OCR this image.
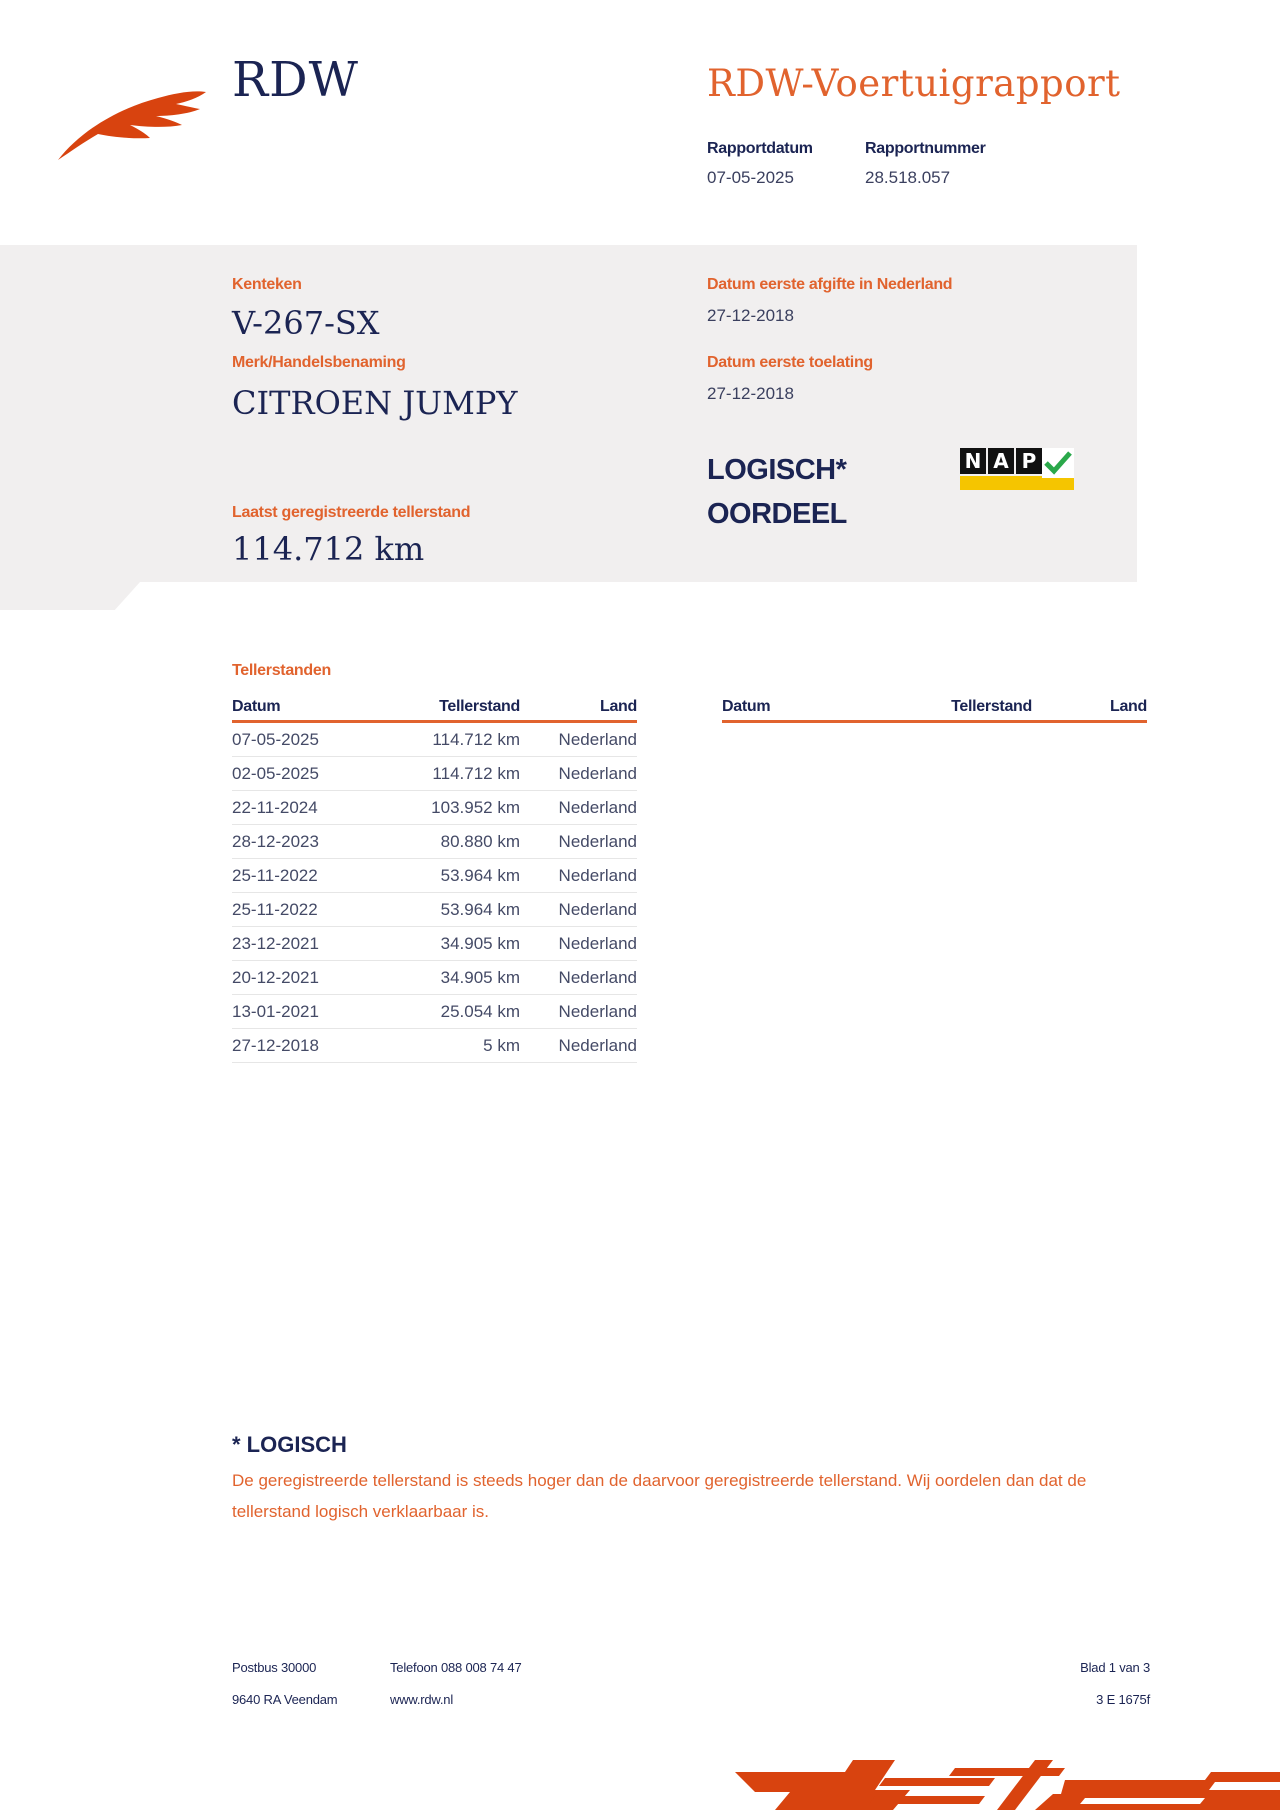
RDW	RDW-Voertuigrapport
Rapportdatum
07-05-2025
Rapportnummer
28.518.057
Kenteken
V-267-SX
Merk/Handelsbenaming
CITROEN JUMPY
Laatst geregistreerde tellerstand
114.712 km
Datum eerste afgifte in Nederland
27-12-2018
Datum eerste toelating
27-12-2018
LOGISCH*
OORDEEL
N A P
Tellerstanden
Datum	Tellerstand	Land
07-05-2025	114.712 km	Nederland
02-05-2025	114.712 km	Nederland
22-11-2024	103.952 km	Nederland
28-12-2023	80.880 km	Nederland
25-11-2022	53.964 km	Nederland
25-11-2022	53.964 km	Nederland
23-12-2021	34.905 km	Nederland
20-12-2021	34.905 km	Nederland
13-01-2021	25.054 km	Nederland
27-12-2018	5 km	Nederland
Datum	Tellerstand	Land
* LOGISCH
De geregistreerde tellerstand is steeds hoger dan de daarvoor geregistreerde tellerstand. Wij oordelen dan dat de tellerstand logisch verklaarbaar is.
Postbus 30000
9640 RA Veendam
Telefoon 088 008 74 47
www.rdw.nl
Blad 1 van 3
3 E 1675f
